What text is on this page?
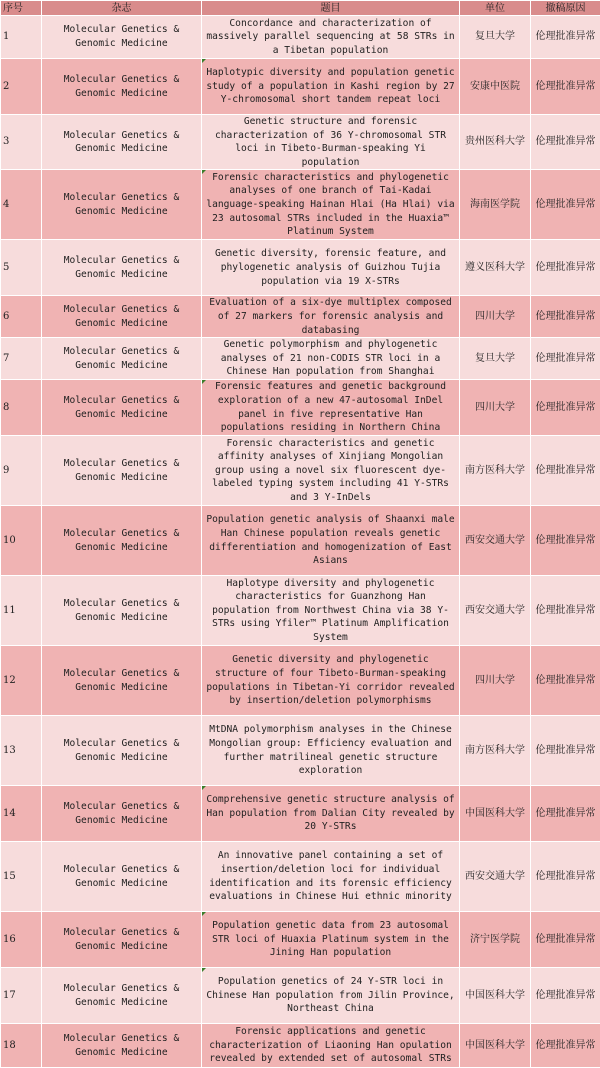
序号	杂志	题目	单位	撤稿原因
1	Molecular Genetics & Genomic Medicine	Concordance and characterization of massively parallel sequencing at 58 STRs in a Tibetan population	复旦大学	伦理批准异常
2	Molecular Genetics & Genomic Medicine	Haplotypic diversity and population genetic study of a population in Kashi region by 27 Y-chromosomal short tandem repeat loci	安康中医院	伦理批准异常
3	Molecular Genetics & Genomic Medicine	Genetic structure and forensic characterization of 36 Y-chromosomal STR loci in Tibeto-Burman-speaking Yi population	贵州医科大学	伦理批准异常
4	Molecular Genetics & Genomic Medicine	Forensic characteristics and phylogenetic analyses of one branch of Tai-Kadai language-speaking Hainan Hlai (Ha Hlai) via 23 autosomal STRs included in the Huaxia™ Platinum System	海南医学院	伦理批准异常
5	Molecular Genetics & Genomic Medicine	Genetic diversity, forensic feature, and phylogenetic analysis of Guizhou Tujia population via 19 X-STRs	遵义医科大学	伦理批准异常
6	Molecular Genetics & Genomic Medicine	Evaluation of a six-dye multiplex composed of 27 markers for forensic analysis and databasing	四川大学	伦理批准异常
7	Molecular Genetics & Genomic Medicine	Genetic polymorphism and phylogenetic analyses of 21 non-CODIS STR loci in a Chinese Han population from Shanghai	复旦大学	伦理批准异常
8	Molecular Genetics & Genomic Medicine	Forensic features and genetic background exploration of a new 47-autosomal InDel panel in five representative Han populations residing in Northern China	四川大学	伦理批准异常
9	Molecular Genetics & Genomic Medicine	Forensic characteristics and genetic affinity analyses of Xinjiang Mongolian group using a novel six fluorescent dye-labeled typing system including 41 Y-STRs and 3 Y-InDels	南方医科大学	伦理批准异常
10	Molecular Genetics & Genomic Medicine	Population genetic analysis of Shaanxi male Han Chinese population reveals genetic differentiation and homogenization of East Asians	西安交通大学	伦理批准异常
11	Molecular Genetics & Genomic Medicine	Haplotype diversity and phylogenetic characteristics for Guanzhong Han population from Northwest China via 38 Y-STRs using Yfiler™ Platinum Amplification System	西安交通大学	伦理批准异常
12	Molecular Genetics & Genomic Medicine	Genetic diversity and phylogenetic structure of four Tibeto-Burman-speaking populations in Tibetan-Yi corridor revealed by insertion/deletion polymorphisms	四川大学	伦理批准异常
13	Molecular Genetics & Genomic Medicine	MtDNA polymorphism analyses in the Chinese Mongolian group: Efficiency evaluation and further matrilineal genetic structure exploration	南方医科大学	伦理批准异常
14	Molecular Genetics & Genomic Medicine	Comprehensive genetic structure analysis of Han population from Dalian City revealed by 20 Y-STRs	中国医科大学	伦理批准异常
15	Molecular Genetics & Genomic Medicine	An innovative panel containing a set of insertion/deletion loci for individual identification and its forensic efficiency evaluations in Chinese Hui ethnic minority	西安交通大学	伦理批准异常
16	Molecular Genetics & Genomic Medicine	Population genetic data from 23 autosomal STR loci of Huaxia Platinum system in the Jining Han population	济宁医学院	伦理批准异常
17	Molecular Genetics & Genomic Medicine	Population genetics of 24 Y-STR loci in Chinese Han population from Jilin Province, Northeast China	中国医科大学	伦理批准异常
18	Molecular Genetics & Genomic Medicine	Forensic applications and genetic characterization of Liaoning Han opulation revealed by extended set of autosomal STRs	中国医科大学	伦理批准异常
